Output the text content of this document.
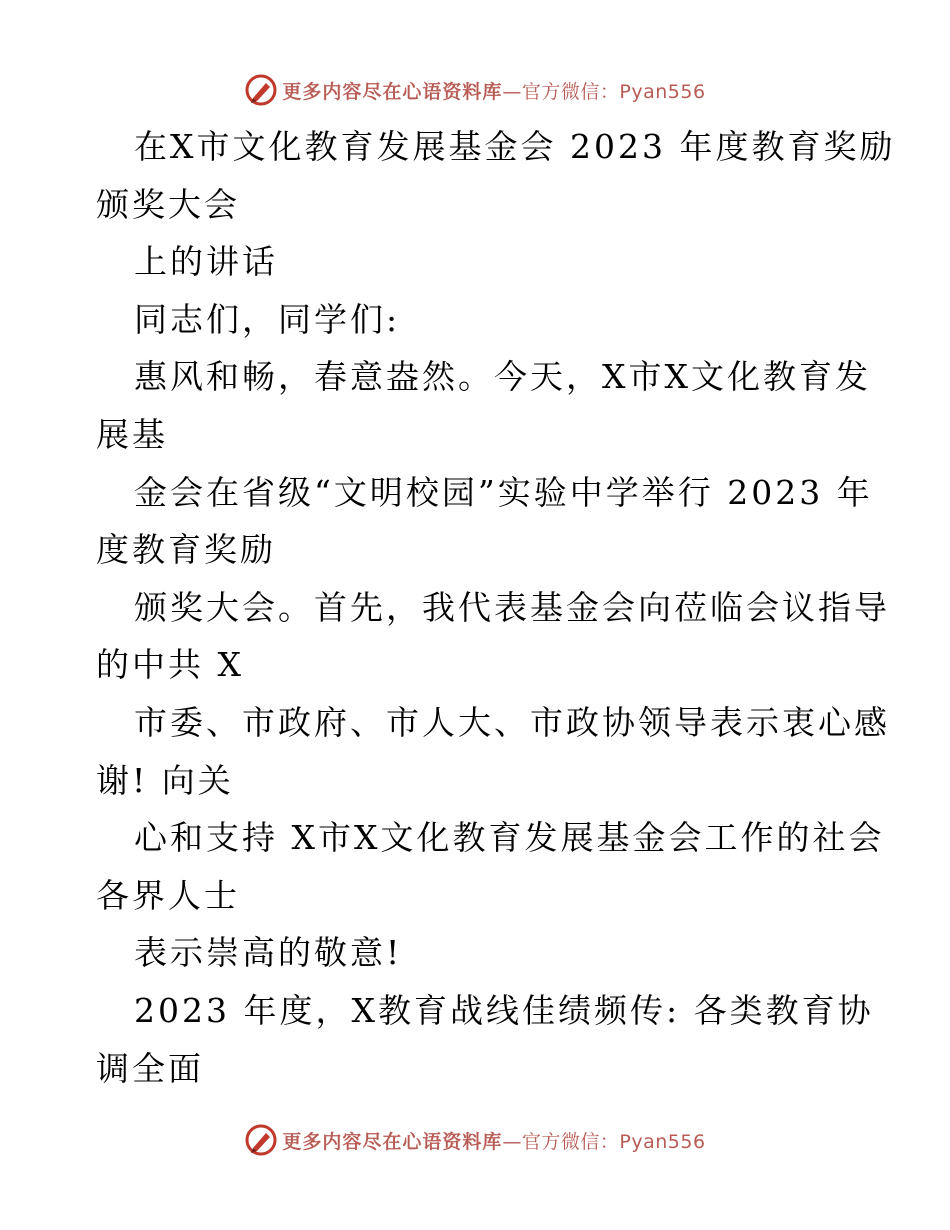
更多内容尽在心语资料库 —官方微信：Pyan556
在X市文化教育发展基金会 2023 年度教育奖励
颁奖大会
上的讲话
同志们，同学们:
惠风和畅，春意盎然。今天，X市X文化教育发
展基
金会在省级“文明校园”实验中学举行 2023 年
度教育奖励
颁奖大会。首先，我代表基金会向莅临会议指导
的中共 X
市委、市政府、市人大、市政协领导表示衷心感
谢! 向关
心和支持 X市X文化教育发展基金会工作的社会
各界人士
表示崇高的敬意!
2023 年度，X教育战线佳绩频传: 各类教育协
调全面
更多内容尽在心语资料库 —官方微信：Pyan556
